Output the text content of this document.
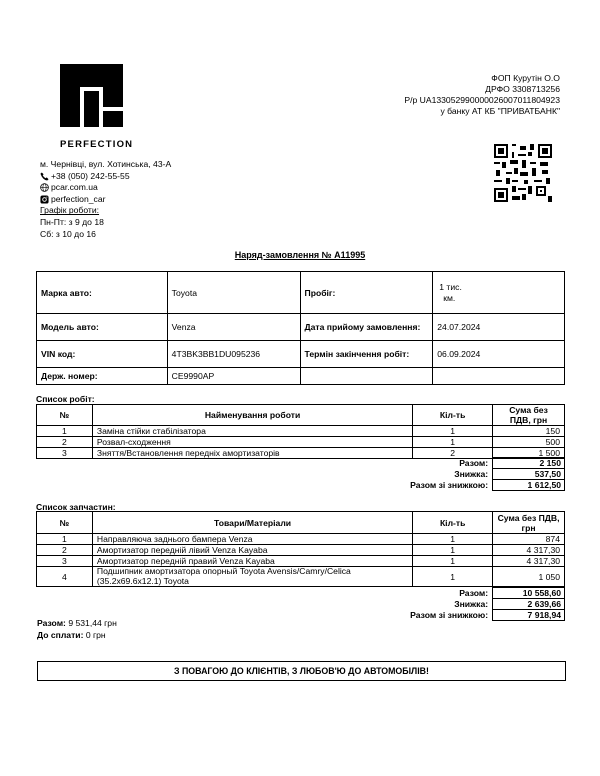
PERFECTION
ФОП Курутін О.О
ДРФО 3308713256
Р/р UA133052990000026007011804923
у банку АТ КБ "ПРИВАТБАНК"
м. Чернівці, вул. Хотинська, 43-А
+38 (050) 242-55-55
pcar.com.ua
perfection_car
Графік роботи:
Пн-Пт: з 9 до 18
Сб: з 10 до 16
Наряд-замовлення № А11995
Марка авто:	Toyota	Пробіг:	1 тис.
км.

Модель авто:	Venza	Дата прийому замовлення:	24.07.2024
VIN код:	4T3BK3BB1DU095236	Термін закінчення робіт:	06.09.2024
Держ. номер:	CE9990AP		
Список робіт:
№	Найменування роботи	Кіл-ть	Сума без
ПДВ, грн

1	Заміна стійки стабілізатора	1	150
2	Розвал-сходження	1	500
3	Зняття/Встановлення передніх амортизаторів	2	1 500
Разом:	2 150
Знижка:	537,50
Разом зі знижкою:	1 612,50
Список запчастин:
№	Товари/Матеріали	Кіл-ть	Сума без ПДВ,
грн

1	Направляюча заднього бампера Venza	1	874
2	Амортизатор передній лівий Venza Kayaba	1	4 317,30
3	Амортизатор передній правий Venza Kayaba	1	4 317,30
4	Подшипник амортизатора опорный Toyota Avensis/Camry/Celica
(35.2x69.6x12.1) Toyota	1	1 050
Разом:	10 558,60
Знижка:	2 639,66
Разом зі знижкою:	7 918,94
Разом: 9 531,44 грн
До сплати: 0 грн
З ПОВАГОЮ ДО КЛІЄНТІВ, З ЛЮБОВ'Ю ДО АВТОМОБІЛІВ!
